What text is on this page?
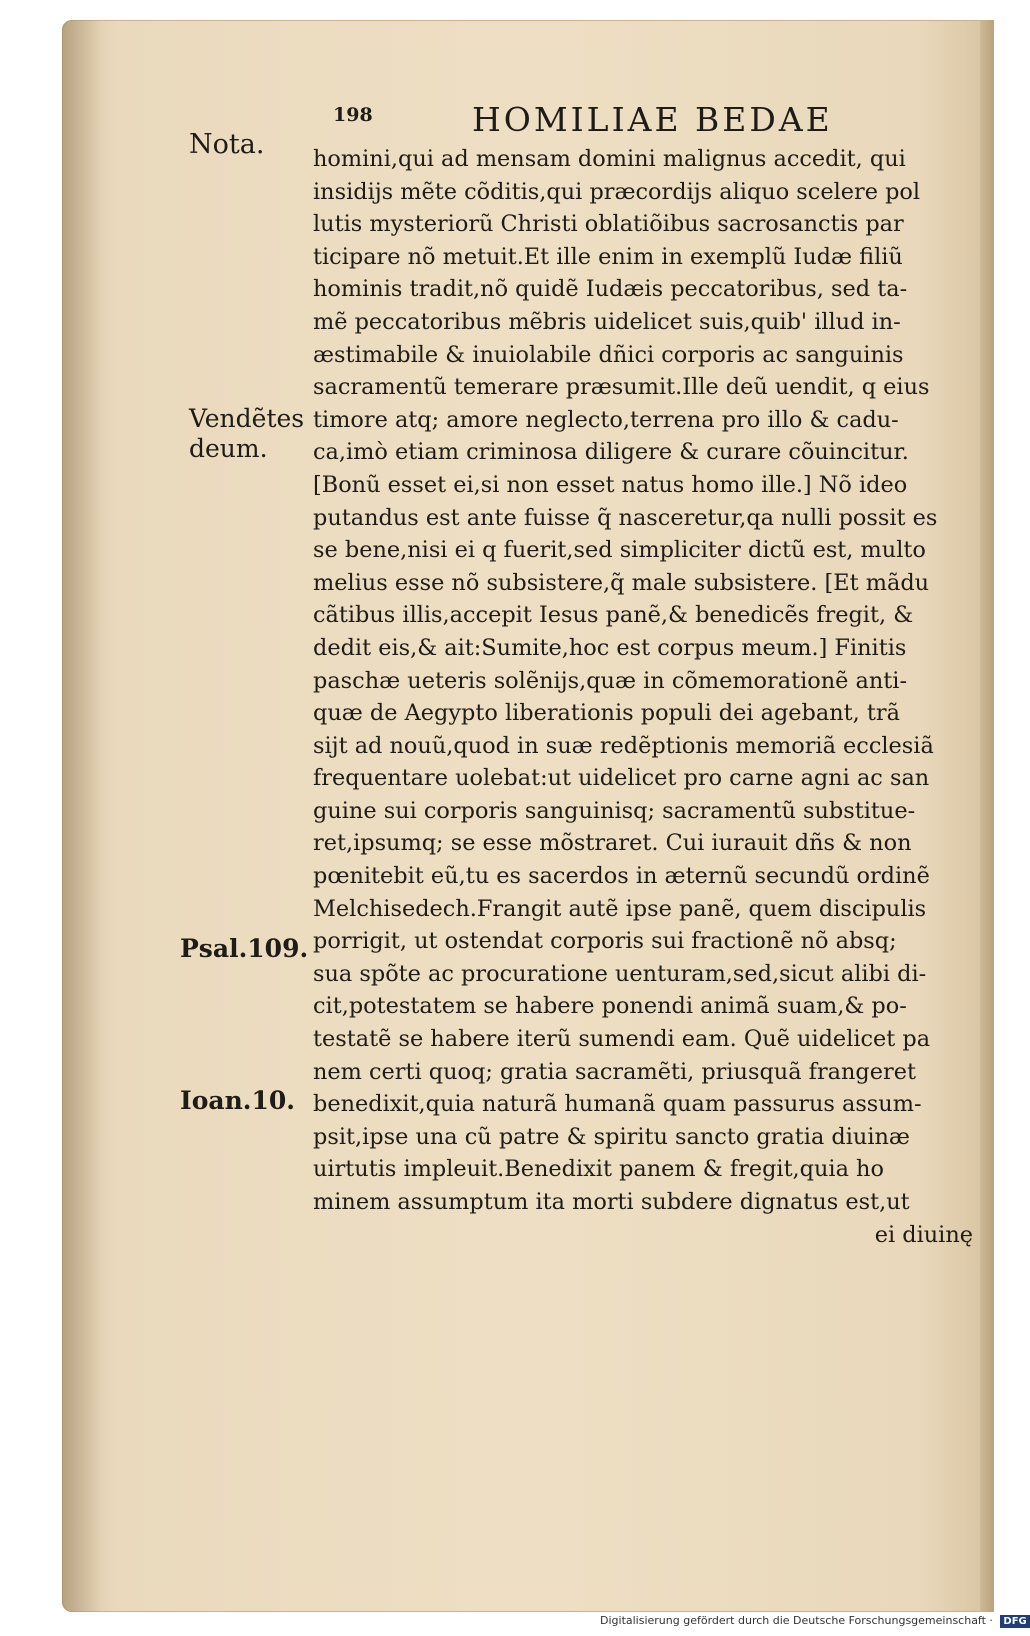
198	HOMILIAE BEDAE
Nota.
Vendẽtes
deum.
Psal.109.
Ioan.10.
homini,qui ad mensam domini malignus accedit, qui
insidijs mẽte cõditis,qui præcordijs aliquo scelere pol
lutis mysteriorũ Christi oblatiõibus sacrosanctis par
ticipare nõ metuit.Et ille enim in exemplũ Iudæ filiũ
hominis tradit,nõ quidẽ Iudæis peccatoribus, sed ta-
mẽ peccatoribus mẽbris uidelicet suis,quib' illud in-
æstimabile & inuiolabile dñici corporis ac sanguinis
sacramentũ temerare præsumit.Ille deũ uendit, q eius
timore atq; amore neglecto,terrena pro illo & cadu-
ca,imò etiam criminosa diligere & curare cõuincitur.
[Bonũ esset ei,si non esset natus homo ille.] Nõ ideo
putandus est ante fuisse q̃ nasceretur,qa nulli possit es
se bene,nisi ei q fuerit,sed simpliciter dictũ est, multo
melius esse nõ subsistere,q̃ male subsistere. [Et mãdu
cãtibus illis,accepit Iesus panẽ,& benedicẽs fregit, &
dedit eis,& ait:Sumite,hoc est corpus meum.] Finitis
paschæ ueteris solẽnijs,quæ in cõmemorationẽ anti-
quæ de Aegypto liberationis populi dei agebant, trã
sijt ad nouũ,quod in suæ redẽptionis memoriã ecclesiã
frequentare uolebat:ut uidelicet pro carne agni ac san
guine sui corporis sanguinisq; sacramentũ substitue-
ret,ipsumq; se esse mõstraret. Cui iurauit dñs & non
pœnitebit eũ,tu es sacerdos in æternũ secundũ ordinẽ
Melchisedech.Frangit autẽ ipse panẽ, quem discipulis
porrigit, ut ostendat corporis sui fractionẽ nõ absq;
sua spõte ac procuratione uenturam,sed,sicut alibi di-
cit,potestatem se habere ponendi animã suam,& po-
testatẽ se habere iterũ sumendi eam. Quẽ uidelicet pa
nem certi quoq; gratia sacramẽti, priusquã frangeret
benedixit,quia naturã humanã quam passurus assum-
psit,ipse una cũ patre & spiritu sancto gratia diuinæ
uirtutis impleuit.Benedixit panem & fregit,quia ho
minem assumptum ita morti subdere dignatus est,ut
ei diuinę
Digitalisierung gefördert durch die Deutsche Forschungsgemeinschaft · DFG
